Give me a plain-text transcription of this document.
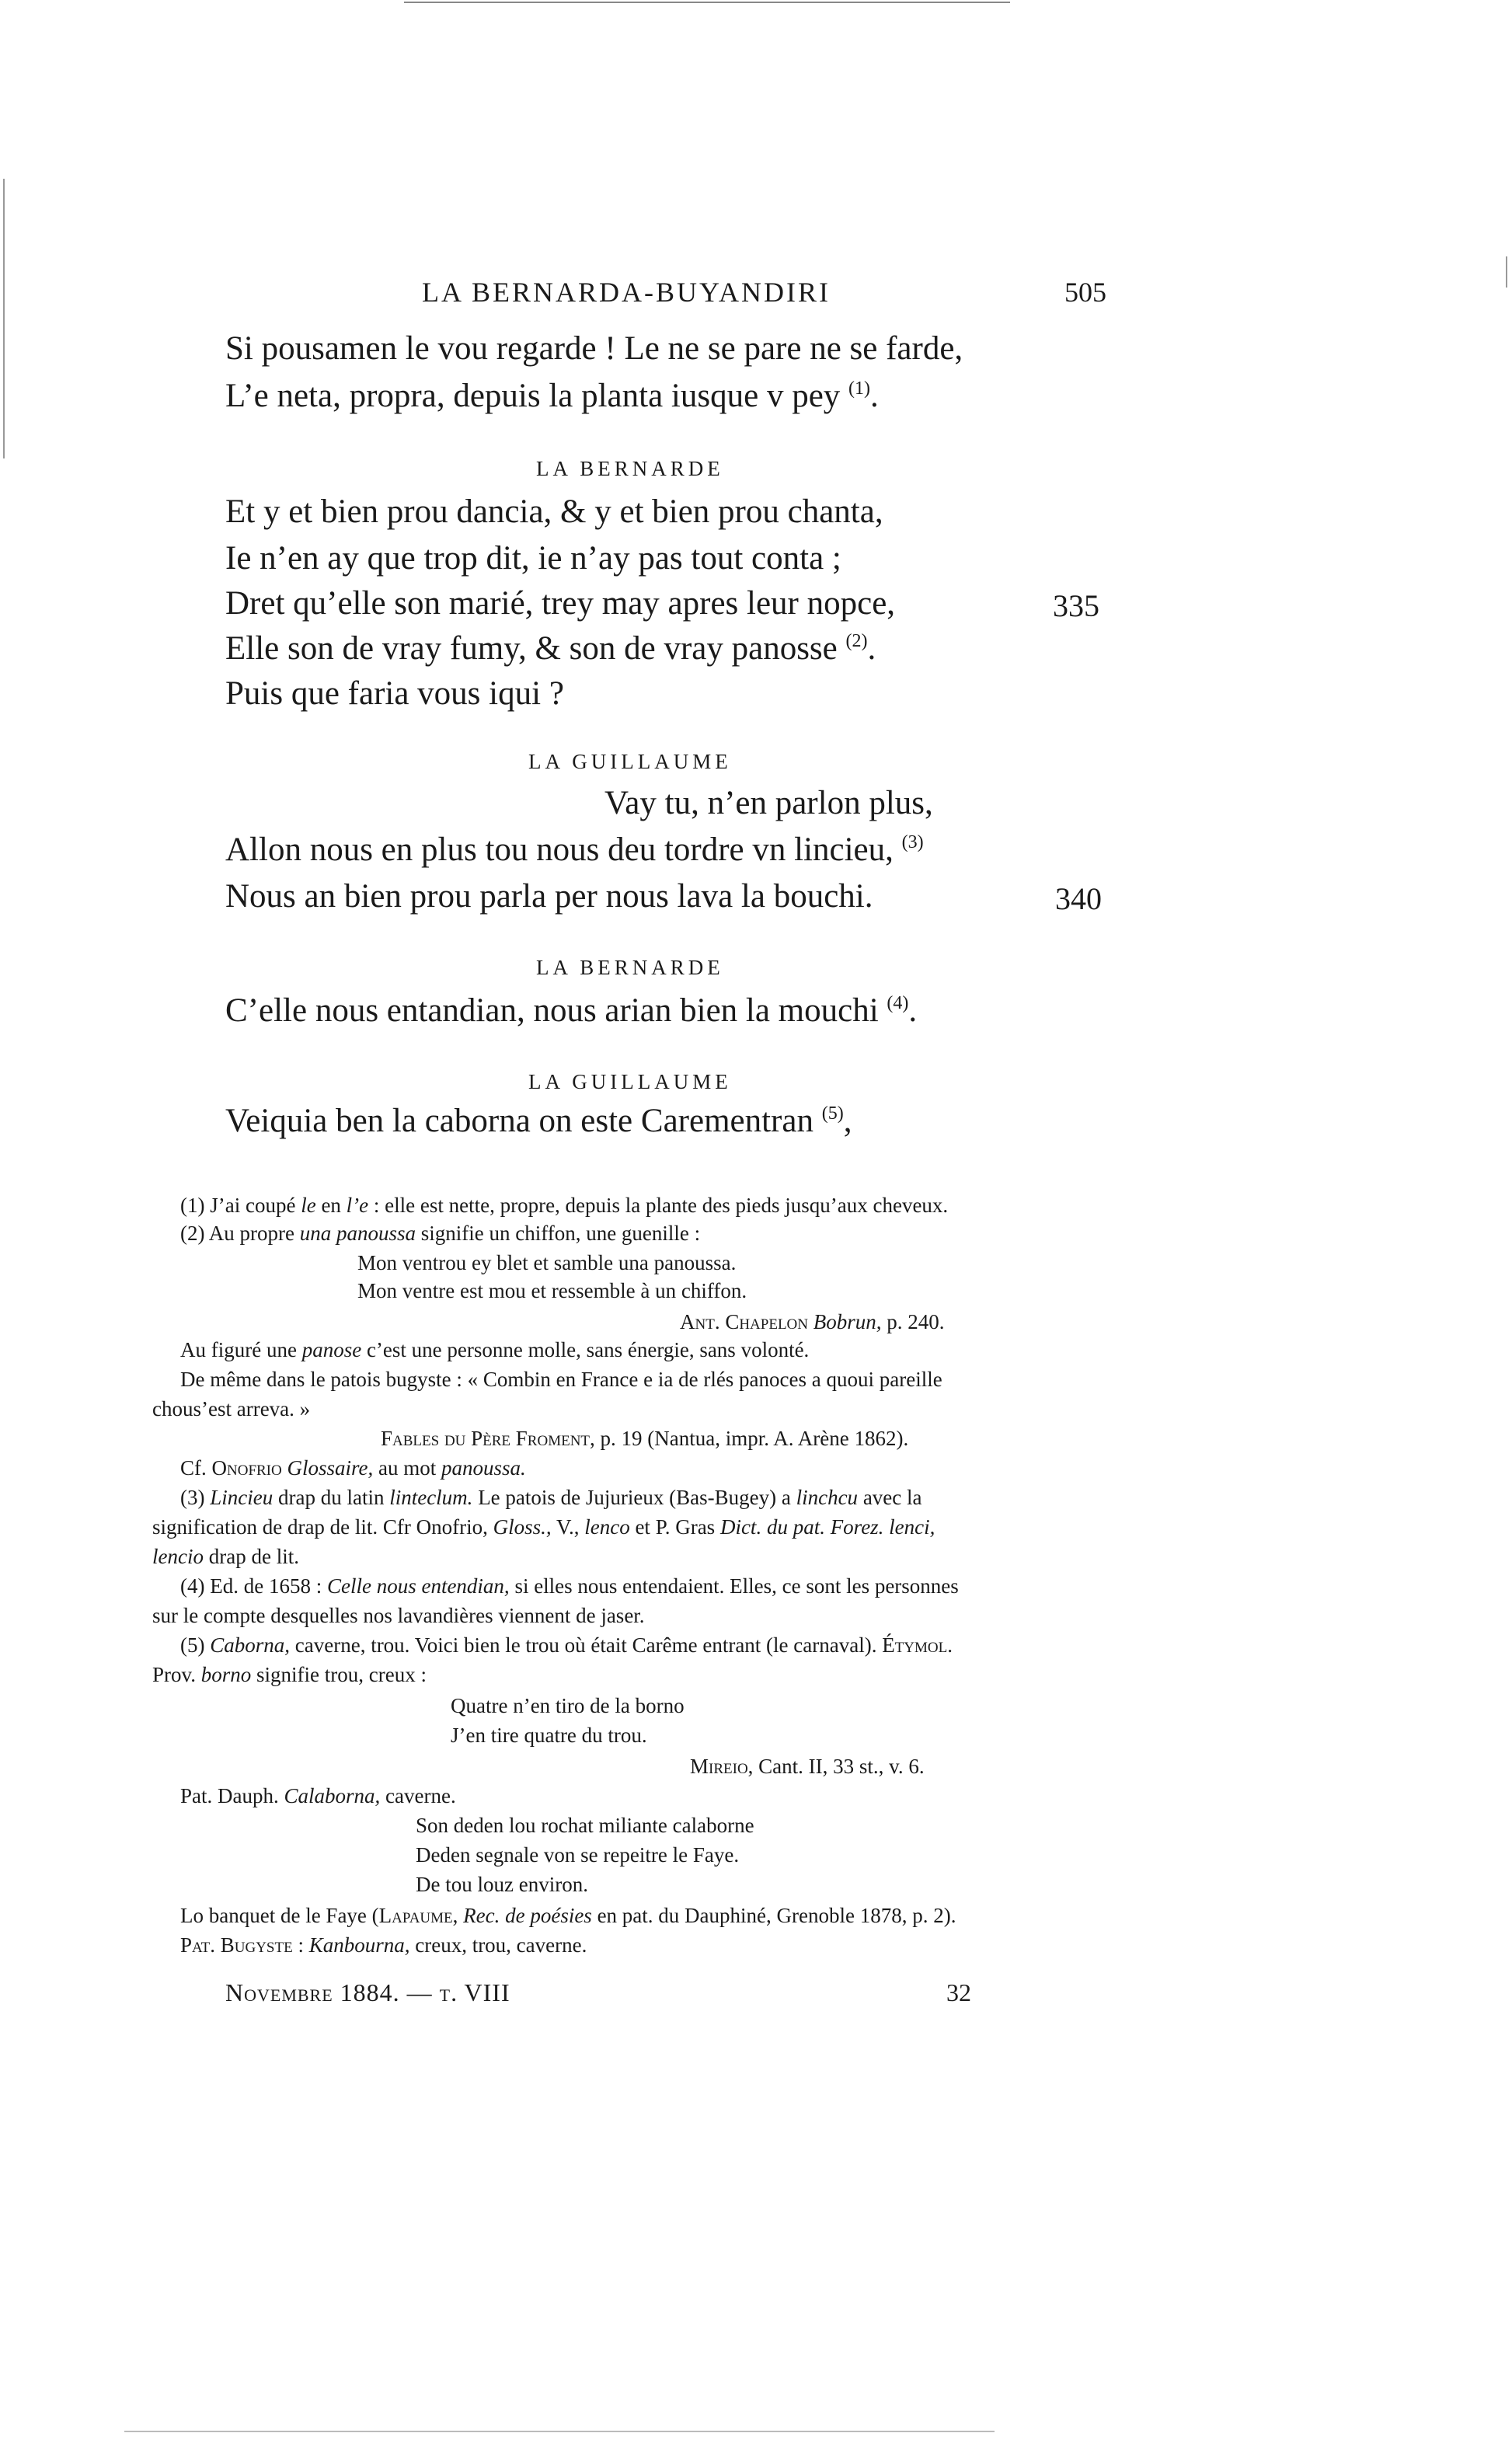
LA BERNARDA-BUYANDIRI	505
Si pousamen le vou regarde ! Le ne se pare ne se farde,
L’e neta, propra, depuis la planta iusque v pey $^{(1)}$.
LA BERNARDE
Et y et bien prou dancia, & y et bien prou chanta,
Ie n’en ay que trop dit, ie n’ay pas tout conta ;
Dret qu’elle son marié, trey may apres leur nopce,	335
Elle son de vray fumy, & son de vray panosse $^{(2)}$.
Puis que faria vous iqui ?
LA GUILLAUME
Vay tu, n’en parlon plus,
Allon nous en plus tou nous deu tordre vn lincieu, $^{(3)}$
Nous an bien prou parla per nous lava la bouchi.	340
LA BERNARDE
C’elle nous entandian, nous arian bien la mouchi $^{(4)}$.
LA GUILLAUME
Veiquia ben la caborna on este Carementran $^{(5)}$,
(1) J’ai coupé le en l’e : elle est nette, propre, depuis la plante des pieds jusqu’aux cheveux.
(2) Au propre una panoussa signifie un chiffon, une guenille :
Mon ventrou ey blet et samble una panoussa.
Mon ventre est mou et ressemble à un chiffon.
Ant. Chapelon Bobrun, p. 240.
Au figuré une panose c’est une personne molle, sans énergie, sans volonté.
De même dans le patois bugyste : « Combin en France e ia de rlés panoces a quoui pareille
chous’est arreva. »
Fables du Père Froment, p. 19 (Nantua, impr. A. Arène 1862).
Cf. Onofrio Glossaire, au mot panoussa.
(3) Lincieu drap du latin linteclum. Le patois de Jujurieux (Bas-Bugey) a linchcu avec la
signification de drap de lit. Cfr Onofrio, Gloss., V., lenco et P. Gras Dict. du pat. Forez. lenci,
lencio drap de lit.
(4) Ed. de 1658 : Celle nous entendian, si elles nous entendaient. Elles, ce sont les personnes
sur le compte desquelles nos lavandières viennent de jaser.
(5) Caborna, caverne, trou. Voici bien le trou où était Carême entrant (le carnaval). Étymol.
Prov. borno signifie trou, creux :
Quatre n’en tiro de la borno
J’en tire quatre du trou.
Mireio, Cant. II, 33 st., v. 6.
Pat. Dauph. Calaborna, caverne.
Son deden lou rochat miliante calaborne
Deden segnale von se repeitre le Faye.
De tou louz environ.
Lo banquet de le Faye (Lapaume, Rec. de poésies en pat. du Dauphiné, Grenoble 1878, p. 2).
Pat. Bugyste : Kanbourna, creux, trou, caverne.
Novembre 1884. — t. VIII	32
